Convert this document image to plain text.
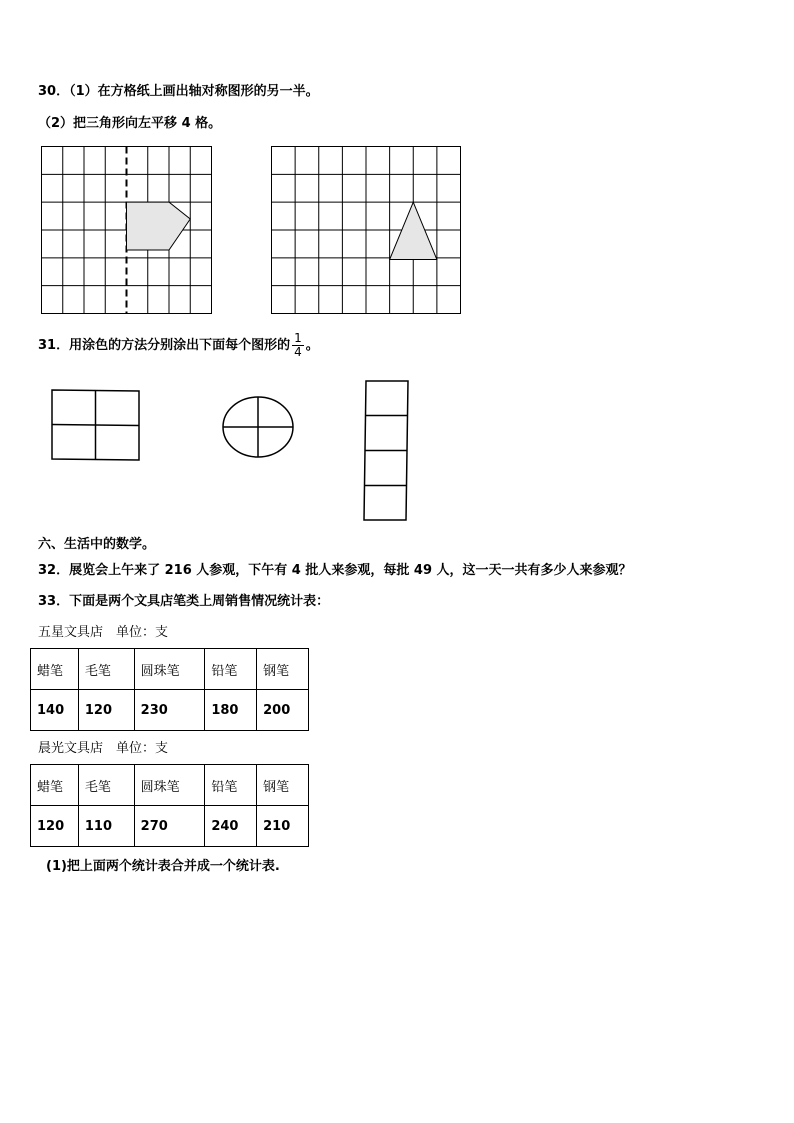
30．（1）在方格纸上画出轴对称图形的另一半。
（2）把三角形向左平移 4 格。
31．用涂色的方法分别涂出下面每个图形的 $\frac{1}{4}$ 。
六、生活中的数学。
32．展览会上午来了 216 人参观，下午有 4 批人来参观，每批 49 人，这一天一共有多少人来参观？
33．下面是两个文具店笔类上周销售情况统计表：
五星文具店　单位：支
蜡笔	毛笔	圆珠笔	铅笔	钢笔
140	120	230	180	200
晨光文具店　单位：支
蜡笔	毛笔	圆珠笔	铅笔	钢笔
120	110	270	240	210
(1)把上面两个统计表合并成一个统计表.
